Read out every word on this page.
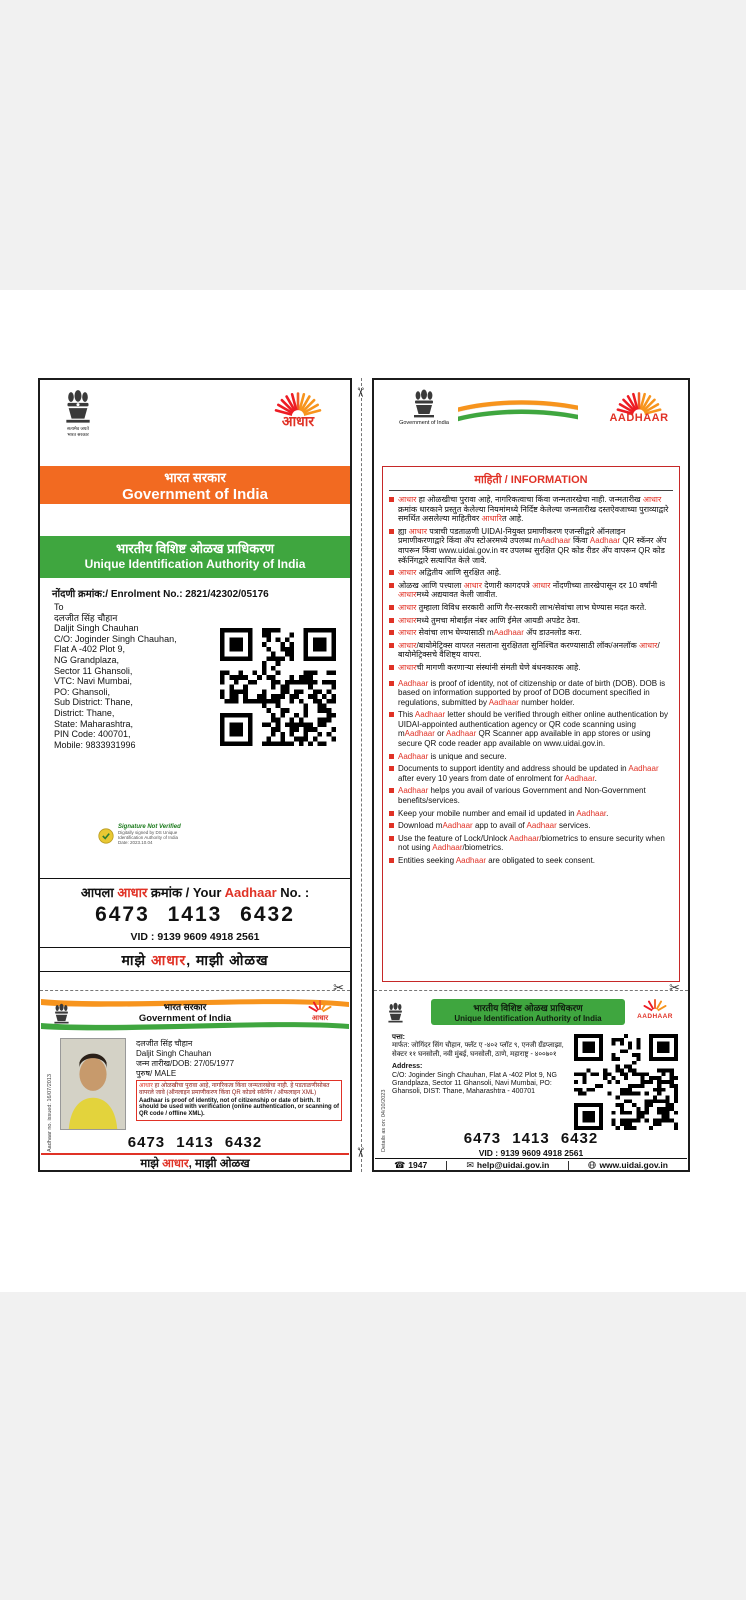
सत्यमेव जयते
भारत सरकार
आधार
भारत सरकार
Government of India
भारतीय विशिष्ट ओळख प्राधिकरण
Unique Identification Authority of India
नोंदणी क्रमांक:/ Enrolment No.: 2821/42302/05176
To
दलजीत सिंह चौहान
Daljit Singh Chauhan
C/O: Joginder Singh Chauhan,
Flat A -402 Plot 9,
NG Grandplaza,
Sector 11 Ghansoli,
VTC: Navi Mumbai,
PO: Ghansoli,
Sub District: Thane,
District: Thane,
State: Maharashtra,
PIN Code: 400701,
Mobile: 9833931996
Signature Not Verified
Digitally signed by DS Unique
Identification Authority of India
Date: 2023.10.04
आपला आधार क्रमांक / Your Aadhaar No. :
6473 1413 6432
VID : 9139 9609 4918 2561
माझे आधार, माझी ओळख
✂
भारत सरकार
Government of India	आधार
Aadhaar no. issued: 16/07/2013
दलजीत सिंह चौहान
Daljit Singh Chauhan
जन्म तारीख/DOB: 27/05/1977
पुरुष/ MALE
आधार हा ओळखीचा पुरावा आहे, नागरिकत्व किंवा जन्मतारखेचा नाही. हे पडताळणीसोबत वापरले जावे (ऑनलाइन प्रमाणीकरण किंवा QR कोडचे स्कॅनिंग / ऑफलाइन XML)
Aadhaar is proof of identity, not of citizenship or date of birth. It should be used with verification (online authentication, or scanning of QR code / offline XML).
6473 1413 6432
माझे आधार, माझी ओळख
✂
✂
Government of India	AADHAAR
माहिती / INFORMATION
आधार हा ओळखीचा पुरावा आहे, नागरिकत्वाचा किंवा जन्मतारखेचा नाही. जन्मतारीख आधार क्रमांक धारकाने प्रस्तुत केलेल्या नियमांमध्ये निर्दिष्ट केलेल्या जन्मतारीख दस्तऐवजाच्या पुराव्याद्वारे समर्थित असलेल्या माहितीवर आधारित आहे.
ह्या आधार पत्राची पडताळणी UIDAI-नियुक्त प्रमाणीकरण एजन्सीद्वारे ऑनलाइन प्रमाणीकरणाद्वारे किंवा ॲप स्टोअरमध्ये उपलब्ध mAadhaar किंवा Aadhaar QR स्कॅनर ॲप वापरून किंवा www.uidai.gov.in वर उपलब्ध सुरक्षित QR कोड रीडर ॲप वापरून QR कोड स्कॅनिंगद्वारे सत्यापित केले जावे.
आधार अद्वितीय आणि सुरक्षित आहे.
ओळख आणि पत्त्याला आधार देणारी कागदपत्रे आधार नोंदणीच्या तारखेपासून दर 10 वर्षांनी आधारमध्ये अद्ययावत केली जावीत.
आधार तुम्हाला विविध सरकारी आणि गैर-सरकारी लाभ/सेवांचा लाभ घेण्यास मदत करते.
आधारमध्ये तुमचा मोबाईल नंबर आणि ईमेल आयडी अपडेट ठेवा.
आधार सेवांचा लाभ घेण्यासाठी mAadhaar ॲप डाउनलोड करा.
आधार/बायोमेट्रिक्स वापरत नसताना सुरक्षितता सुनिश्चित करण्यासाठी लॉक/अनलॉक आधार/बायोमेट्रिक्सचे वैशिष्ट्य वापरा.
आधारची मागणी करणाऱ्या संस्थांनी संमती घेणे बंधनकारक आहे.
Aadhaar is proof of identity, not of citizenship or date of birth (DOB). DOB is based on information supported by proof of DOB document specified in regulations, submitted by Aadhaar number holder.
This Aadhaar letter should be verified through either online authentication by UIDAI-appointed authentication agency or QR code scanning using mAadhaar or Aadhaar QR Scanner app available in app stores or using secure QR code reader app available on www.uidai.gov.in.
Aadhaar is unique and secure.
Documents to support identity and address should be updated in Aadhaar after every 10 years from date of enrolment for Aadhaar.
Aadhaar helps you avail of various Government and Non-Government benefits/services.
Keep your mobile number and email id updated in Aadhaar.
Download mAadhaar app to avail of Aadhaar services.
Use the feature of Lock/Unlock Aadhaar/biometrics to ensure security when not using Aadhaar/biometrics.
Entities seeking Aadhaar are obligated to seek consent.
✂
भारतीय विशिष्ट ओळख प्राधिकरण
Unique Identification Authority of India	AADHAAR
Details as on: 04/10/2023
पत्ता:
मार्फत: जोगिंदर सिंग चौहान, फ्लॅट ए -४०२ प्लॉट ९, एनजी ग्रँडप्लाझा, सेक्टर ११ घनसोली, नवी मुंबई, घनसोली, ठाणे, महाराष्ट्र - ४००७०१
Address:
C/O: Joginder Singh Chauhan, Flat A -402 Plot 9, NG Grandplaza, Sector 11 Ghansoli, Navi Mumbai, PO: Ghansoli, DIST: Thane, Maharashtra - 400701
6473 1413 6432
VID : 9139 9609 4918 2561
☎ 1947	✉ help@uidai.gov.in	www.uidai.gov.in
